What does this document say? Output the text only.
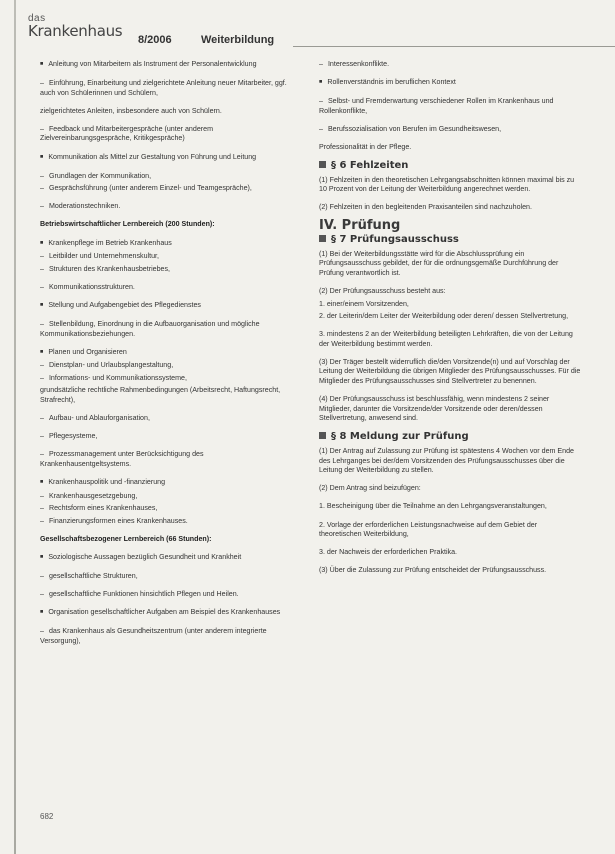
das
Krankenhaus 8/2006	Weiterbildung
■ Anleitung von Mitarbeitern als Instrument der Personalentwicklung
– Einführung, Einarbeitung und zielgerichtete Anleitung neuer Mitarbeiter, ggf. auch von Schülerinnen und Schülern,
zielgerichtetes Anleiten, insbesondere auch von Schülern.
– Feedback und Mitarbeitergespräche (unter anderem Zielvereinbarungsgespräche, Kritikgespräche)
■ Kommunikation als Mittel zur Gestaltung von Führung und Leitung
– Grundlagen der Kommunikation,
– Gesprächsführung (unter anderem Einzel- und Teamgespräche),
– Moderationstechniken.
Betriebswirtschaftlicher Lernbereich (200 Stunden):
■ Krankenpflege im Betrieb Krankenhaus
– Leitbilder und Unternehmenskultur,
– Strukturen des Krankenhausbetriebes,
– Kommunikationsstrukturen.
■ Stellung und Aufgabengebiet des Pflegedienstes
– Stellenbildung, Einordnung in die Aufbauorganisation und mögliche Kommunikationsbeziehungen.
■ Planen und Organisieren
– Dienstplan- und Urlaubsplangestaltung,
– Informations- und Kommunikationssysteme,
grundsätzliche rechtliche Rahmenbedingungen (Arbeitsrecht, Haftungsrecht, Strafrecht),
– Aufbau- und Ablauforganisation,
– Pflegesysteme,
– Prozessmanagement unter Berücksichtigung des Krankenhausentgeltsystems.
■ Krankenhauspolitik und -finanzierung
– Krankenhausgesetzgebung,
– Rechtsform eines Krankenhauses,
– Finanzierungsformen eines Krankenhauses.
Gesellschaftsbezogener Lernbereich (66 Stunden):
■ Soziologische Aussagen bezüglich Gesundheit und Krankheit
– gesellschaftliche Strukturen,
– gesellschaftliche Funktionen hinsichtlich Pflegen und Heilen.
■ Organisation gesellschaftlicher Aufgaben am Beispiel des Krankenhauses
– das Krankenhaus als Gesundheitszentrum (unter anderem integrierte Versorgung),
– Interessenkonflikte.
■ Rollenverständnis im beruflichen Kontext
– Selbst- und Fremderwartung verschiedener Rollen im Krankenhaus und Rollenkonflikte,
– Berufssozialisation von Berufen im Gesundheitswesen,
Professionalität in der Pflege.
§ 6 Fehlzeiten
(1) Fehlzeiten in den theoretischen Lehrgangsabschnitten können maximal bis zu 10 Prozent von der Leitung der Weiterbildung angerechnet werden.
(2) Fehlzeiten in den begleitenden Praxisanteilen sind nachzuholen.
IV. Prüfung
§ 7 Prüfungsausschuss
(1) Bei der Weiterbildungsstätte wird für die Abschlussprüfung ein Prüfungsausschuss gebildet, der für die ordnungsgemäße Durchführung der Prüfung verantwortlich ist.
(2) Der Prüfungsausschuss besteht aus:
1. einer/einem Vorsitzenden,
2. der Leiterin/dem Leiter der Weiterbildung oder deren/ dessen Stellvertretung,
3. mindestens 2 an der Weiterbildung beteiligten Lehrkräften, die von der Leitung der Weiterbildung bestimmt werden.
(3) Der Träger bestellt widerruflich die/den Vorsitzende(n) und auf Vorschlag der Leitung der Weiterbildung die übrigen Mitglieder des Prüfungsausschusses. Für die Mitglieder des Prüfungsausschusses sind Stellvertreter zu benennen.
(4) Der Prüfungsausschuss ist beschlussfähig, wenn mindestens 2 seiner Mitglieder, darunter die Vorsitzende/der Vorsitzende oder deren/dessen Stellvertretung, anwesend sind.
§ 8 Meldung zur Prüfung
(1) Der Antrag auf Zulassung zur Prüfung ist spätestens 4 Wochen vor dem Ende des Lehrganges bei der/dem Vorsitzenden des Prüfungsausschusses über die Leitung der Weiterbildung zu stellen.
(2) Dem Antrag sind beizufügen:
1. Bescheinigung über die Teilnahme an den Lehrgangsveranstaltungen,
2. Vorlage der erforderlichen Leistungsnachweise auf dem Gebiet der theoretischen Weiterbildung,
3. der Nachweis der erforderlichen Praktika.
(3) Über die Zulassung zur Prüfung entscheidet der Prüfungsausschuss.
682
